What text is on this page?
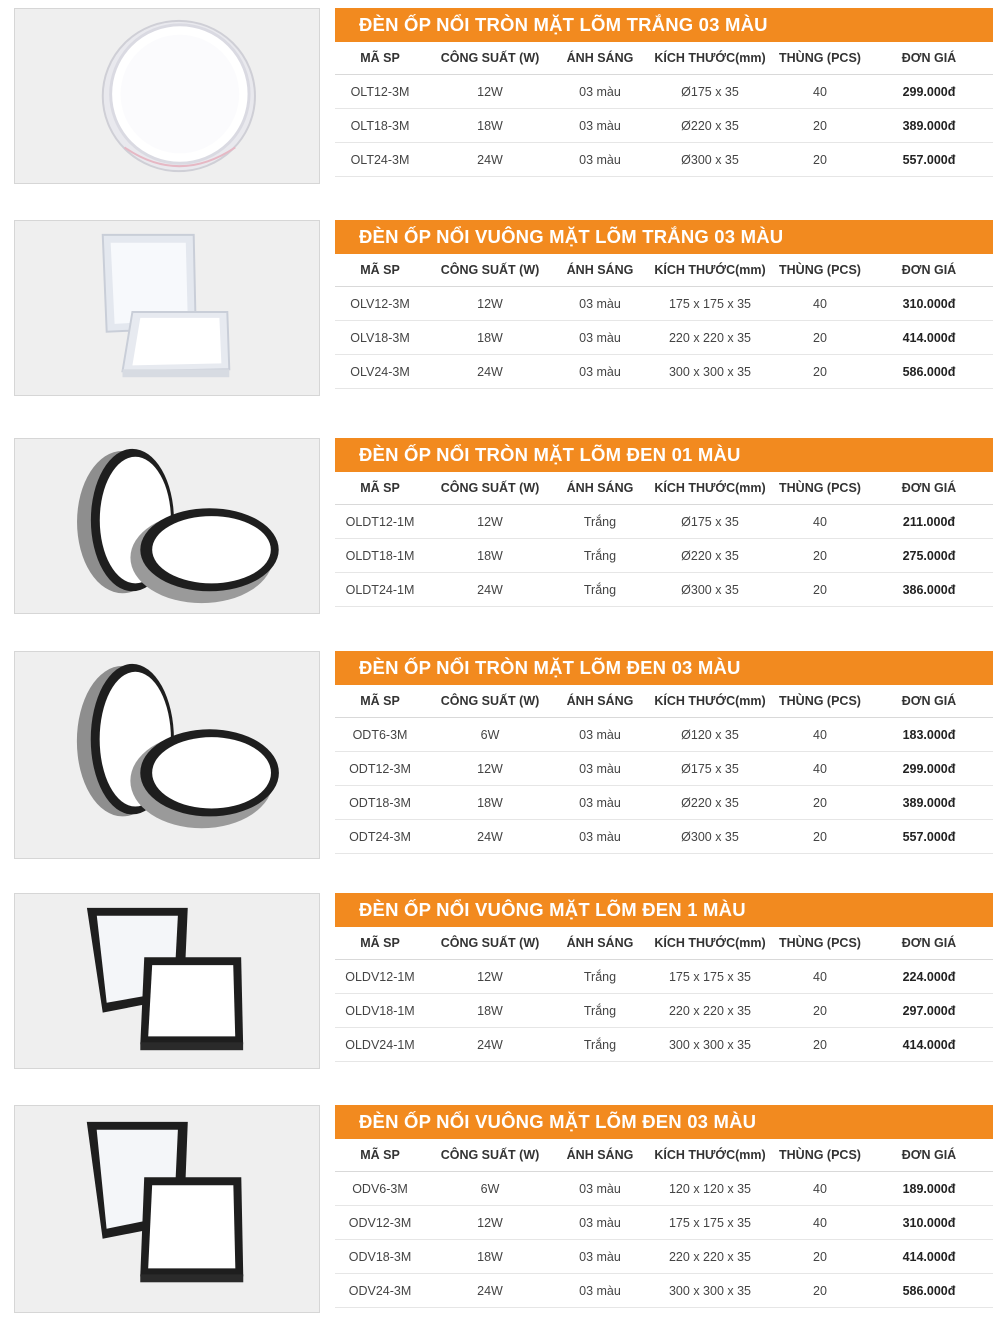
ĐÈN ỐP NỔI TRÒN MẶT LÕM TRẮNG 03 MÀU
MÃ SP	CÔNG SUẤT (W)	ÁNH SÁNG	KÍCH THƯỚC(mm)	THÙNG (PCS)	ĐƠN GIÁ
OLT12-3M	12W	03 màu	Ø175 x 35	40	299.000đ
OLT18-3M	18W	03 màu	Ø220 x 35	20	389.000đ
OLT24-3M	24W	03 màu	Ø300 x 35	20	557.000đ
ĐÈN ỐP NỔI VUÔNG MẶT LÕM TRẮNG 03 MÀU
MÃ SP	CÔNG SUẤT (W)	ÁNH SÁNG	KÍCH THƯỚC(mm)	THÙNG (PCS)	ĐƠN GIÁ
OLV12-3M	12W	03 màu	175 x 175 x 35	40	310.000đ
OLV18-3M	18W	03 màu	220 x 220 x 35	20	414.000đ
OLV24-3M	24W	03 màu	300 x 300 x 35	20	586.000đ
ĐÈN ỐP NỔI TRÒN MẶT LÕM ĐEN 01 MÀU
MÃ SP	CÔNG SUẤT (W)	ÁNH SÁNG	KÍCH THƯỚC(mm)	THÙNG (PCS)	ĐƠN GIÁ
OLDT12-1M	12W	Trắng	Ø175 x 35	40	211.000đ
OLDT18-1M	18W	Trắng	Ø220 x 35	20	275.000đ
OLDT24-1M	24W	Trắng	Ø300 x 35	20	386.000đ
ĐÈN ỐP NỔI TRÒN MẶT LÕM ĐEN 03 MÀU
MÃ SP	CÔNG SUẤT (W)	ÁNH SÁNG	KÍCH THƯỚC(mm)	THÙNG (PCS)	ĐƠN GIÁ
ODT6-3M	6W	03 màu	Ø120 x 35	40	183.000đ
ODT12-3M	12W	03 màu	Ø175 x 35	40	299.000đ
ODT18-3M	18W	03 màu	Ø220 x 35	20	389.000đ
ODT24-3M	24W	03 màu	Ø300 x 35	20	557.000đ
ĐÈN ỐP NỔI VUÔNG MẶT LÕM ĐEN 1 MÀU
MÃ SP	CÔNG SUẤT (W)	ÁNH SÁNG	KÍCH THƯỚC(mm)	THÙNG (PCS)	ĐƠN GIÁ
OLDV12-1M	12W	Trắng	175 x 175 x 35	40	224.000đ
OLDV18-1M	18W	Trắng	220 x 220 x 35	20	297.000đ
OLDV24-1M	24W	Trắng	300 x 300 x 35	20	414.000đ
ĐÈN ỐP NỔI VUÔNG MẶT LÕM ĐEN 03 MÀU
MÃ SP	CÔNG SUẤT (W)	ÁNH SÁNG	KÍCH THƯỚC(mm)	THÙNG (PCS)	ĐƠN GIÁ
ODV6-3M	6W	03 màu	120 x 120 x 35	40	189.000đ
ODV12-3M	12W	03 màu	175 x 175 x 35	40	310.000đ
ODV18-3M	18W	03 màu	220 x 220 x 35	20	414.000đ
ODV24-3M	24W	03 màu	300 x 300 x 35	20	586.000đ
